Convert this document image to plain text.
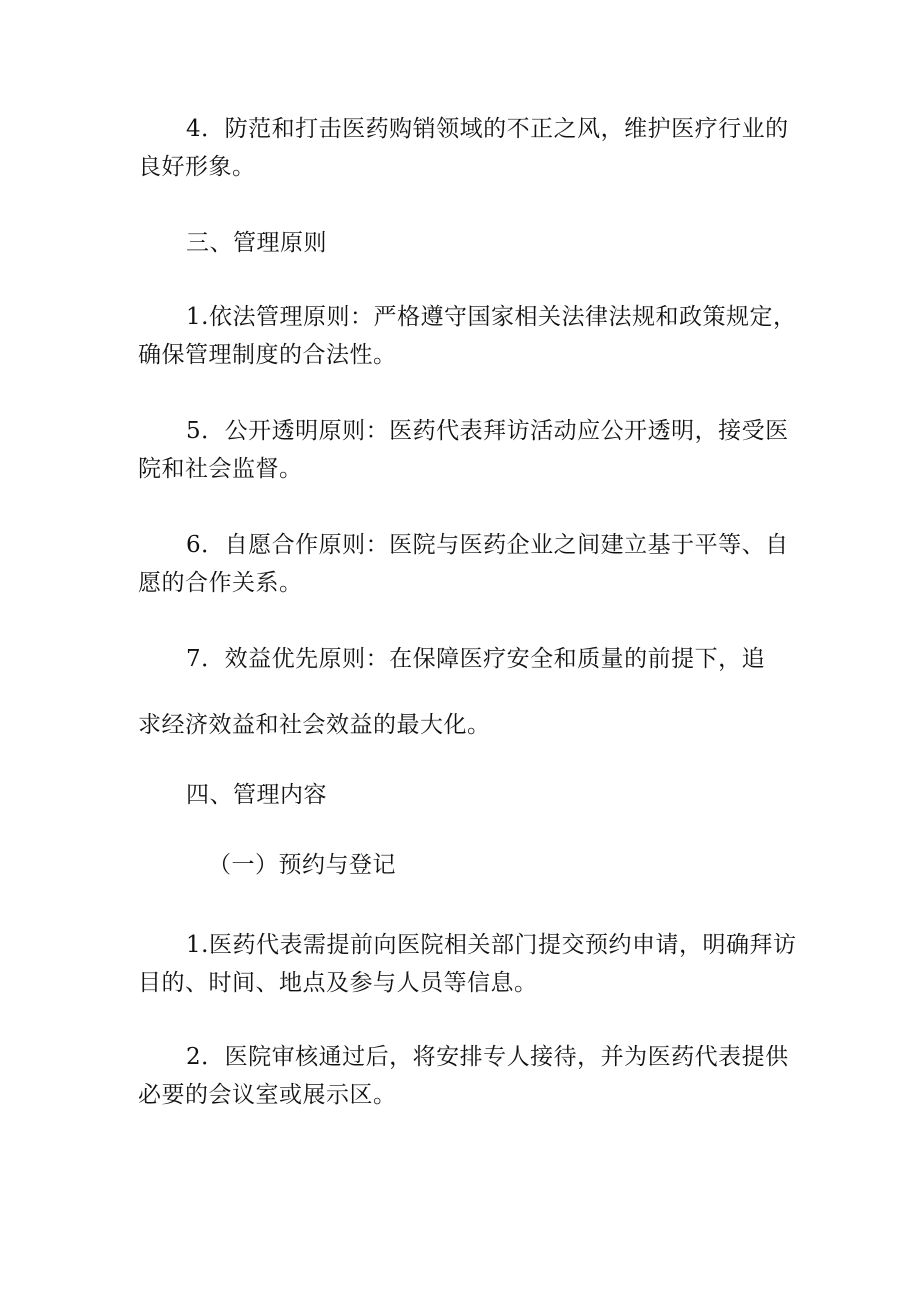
4．防范和打击医药购销领域的不正之风，维护医疗行业的
良好形象。
三、管理原则
1.依法管理原则：严格遵守国家相关法律法规和政策规定，
确保管理制度的合法性。
5．公开透明原则：医药代表拜访活动应公开透明，接受医
院和社会监督。
6．自愿合作原则：医院与医药企业之间建立基于平等、自
愿的合作关系。
7．效益优先原则：在保障医疗安全和质量的前提下，追
求经济效益和社会效益的最大化。
四、管理内容
（一）预约与登记
1.医药代表需提前向医院相关部门提交预约申请，明确拜访
目的、时间、地点及参与人员等信息。
2．医院审核通过后，将安排专人接待，并为医药代表提供
必要的会议室或展示区。
